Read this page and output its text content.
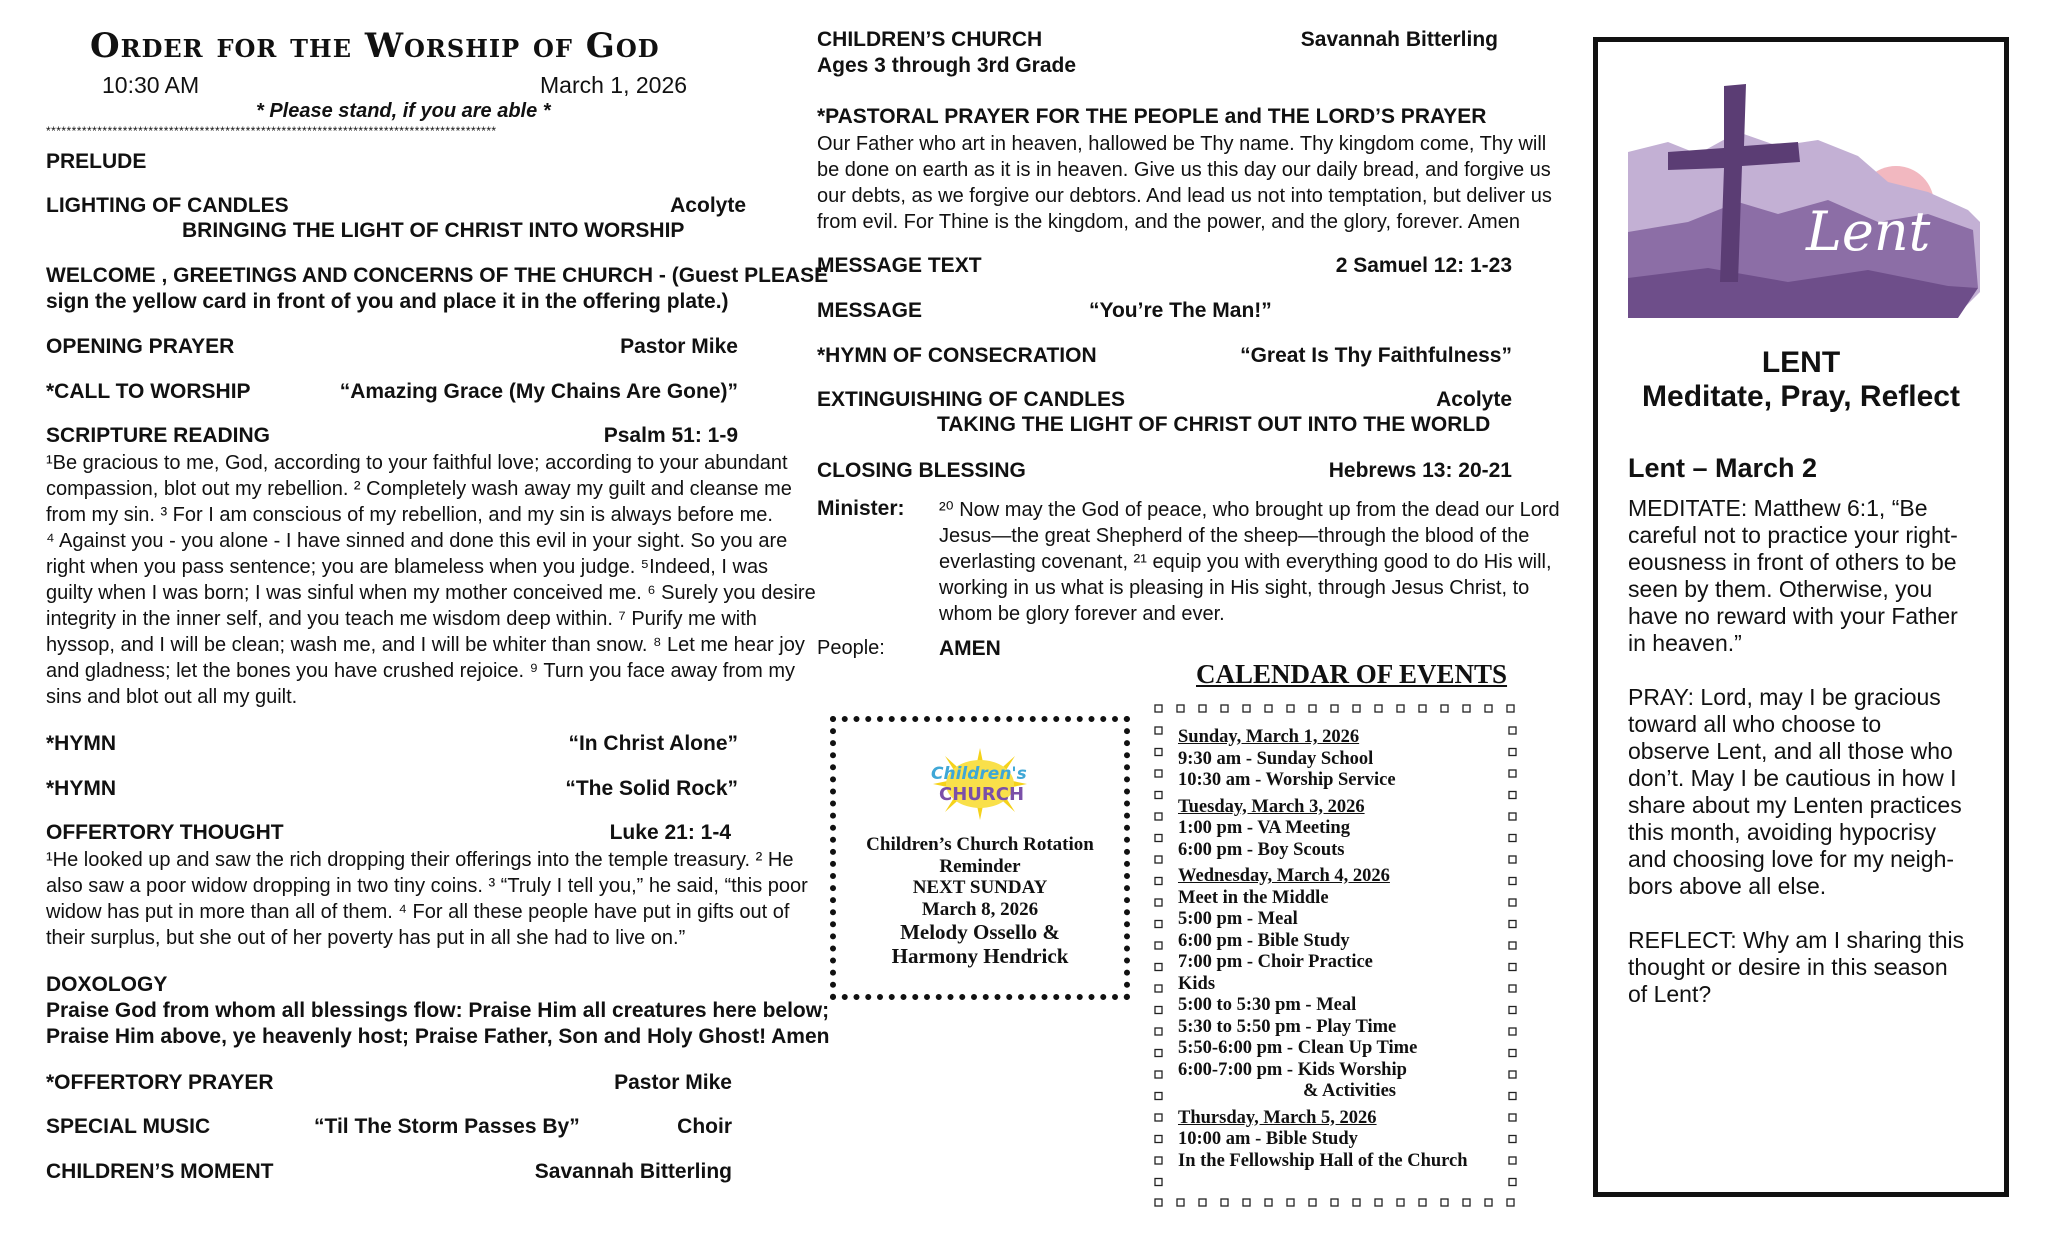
Order for the Worship of God
10:30 AM	March 1, 2026
* Please stand, if you are able *
****************************************************************************************
PRELUDE
LIGHTING OF CANDLES	Acolyte
BRINGING THE LIGHT OF CHRIST INTO WORSHIP
WELCOME , GREETINGS AND CONCERNS OF THE CHURCH - (Guest PLEASE
sign the yellow card in front of you and place it in the offering plate.)
OPENING PRAYER	Pastor Mike
*CALL TO WORSHIP	“Amazing Grace (My Chains Are Gone)”
SCRIPTURE READING	Psalm 51: 1-9
¹Be gracious to me, God, according to your faithful love; according to your abundant
compassion, blot out my rebellion. ² Completely wash away my guilt and cleanse me
from my sin. ³ For I am conscious of my rebellion, and my sin is always before me.
⁴ Against you - you alone - I have sinned and done this evil in your sight. So you are
right when you pass sentence; you are blameless when you judge. ⁵Indeed, I was
guilty when I was born; I was sinful when my mother conceived me. ⁶ Surely you desire
integrity in the inner self, and you teach me wisdom deep within. ⁷ Purify me with
hyssop, and I will be clean; wash me, and I will be whiter than snow. ⁸ Let me hear joy
and gladness; let the bones you have crushed rejoice. ⁹ Turn you face away from my
sins and blot out all my guilt.
*HYMN	“In Christ Alone”
*HYMN	“The Solid Rock”
OFFERTORY THOUGHT	Luke 21: 1-4
¹He looked up and saw the rich dropping their offerings into the temple treasury. ² He
also saw a poor widow dropping in two tiny coins. ³ “Truly I tell you,” he said, “this poor
widow has put in more than all of them. ⁴ For all these people have put in gifts out of
their surplus, but she out of her poverty has put in all she had to live on.”
DOXOLOGY
Praise God from whom all blessings flow: Praise Him all creatures here below;
Praise Him above, ye heavenly host; Praise Father, Son and Holy Ghost! Amen
*OFFERTORY PRAYER	Pastor Mike
SPECIAL MUSIC	“Til The Storm Passes By”	Choir
CHILDREN’S MOMENT	Savannah Bitterling
CHILDREN’S CHURCH	Savannah Bitterling
Ages 3 through 3rd Grade
*PASTORAL PRAYER FOR THE PEOPLE and THE LORD’S PRAYER
Our Father who art in heaven, hallowed be Thy name. Thy kingdom come, Thy will
be done on earth as it is in heaven. Give us this day our daily bread, and forgive us
our debts, as we forgive our debtors. And lead us not into temptation, but deliver us
from evil. For Thine is the kingdom, and the power, and the glory, forever. Amen
MESSAGE TEXT	2 Samuel 12: 1-23
MESSAGE	“You’re The Man!”
*HYMN OF CONSECRATION	“Great Is Thy Faithfulness”
EXTINGUISHING OF CANDLES	Acolyte
TAKING THE LIGHT OF CHRIST OUT INTO THE WORLD
CLOSING BLESSING	Hebrews 13: 20-21
Minister: ²⁰ Now may the God of peace, who brought up from the dead our Lord
Jesus—the great Shepherd of the sheep—through the blood of the
everlasting covenant, ²¹ equip you with everything good to do His will,
working in us what is pleasing in His sight, through Jesus Christ, to
whom be glory forever and ever.
People:	AMEN
Children's
CHURCH
Children’s Church Rotation
Reminder
NEXT SUNDAY
March 8, 2026
Melody Ossello &
Harmony Hendrick
CALENDAR OF EVENTS
Sunday, March 1, 2026
9:30 am - Sunday School
10:30 am - Worship Service
Tuesday, March 3, 2026
1:00 pm - VA Meeting
6:00 pm - Boy Scouts
Wednesday, March 4, 2026
Meet in the Middle
5:00 pm - Meal
6:00 pm - Bible Study
7:00 pm - Choir Practice
Kids
5:00 to 5:30 pm - Meal
5:30 to 5:50 pm - Play Time
5:50-6:00 pm - Clean Up Time
6:00-7:00 pm - Kids Worship
& Activities
Thursday, March 5, 2026
10:00 am - Bible Study
In the Fellowship Hall of the Church
Lent
LENT
Meditate, Pray, Reflect
Lent – March 2
MEDITATE: Matthew 6:1, “Be
careful not to practice your right-
eousness in front of others to be
seen by them. Otherwise, you
have no reward with your Father
in heaven.”
PRAY: Lord, may I be gracious
toward all who choose to
observe Lent, and all those who
don’t. May I be cautious in how I
share about my Lenten practices
this month, avoiding hypocrisy
and choosing love for my neigh-
bors above all else.
REFLECT: Why am I sharing this
thought or desire in this season
of Lent?
